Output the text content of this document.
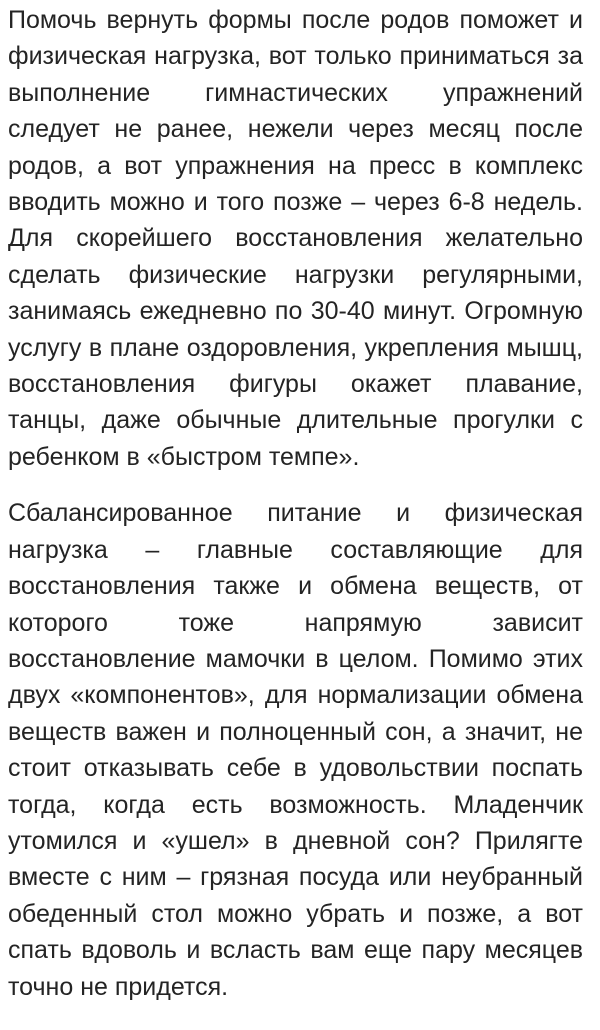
Помочь вернуть формы после родов поможет и физическая нагрузка, вот только приниматься за выполнение гимнастических упражнений следует не ранее, нежели через месяц после родов, а вот упражнения на пресс в комплекс вводить можно и того позже – через 6-8 недель. Для скорейшего восстановления желательно сделать физические нагрузки регулярными, занимаясь ежедневно по 30-40 минут. Огромную услугу в плане оздоровления, укрепления мышц, восстановления фигуры окажет плавание, танцы, даже обычные длительные прогулки с ребенком в «быстром темпе».

Сбалансированное питание и физическая нагрузка – главные составляющие для восстановления также и обмена веществ, от которого тоже напрямую зависит восстановление мамочки в целом. Помимо этих двух «компонентов», для нормализации обмена веществ важен и полноценный сон, а значит, не стоит отказывать себе в удовольствии поспать тогда, когда есть возможность. Младенчик утомился и «ушел» в дневной сон? Прилягте вместе с ним – грязная посуда или неубранный обеденный стол можно убрать и позже, а вот спать вдоволь и всласть вам еще пару месяцев точно не придется.
